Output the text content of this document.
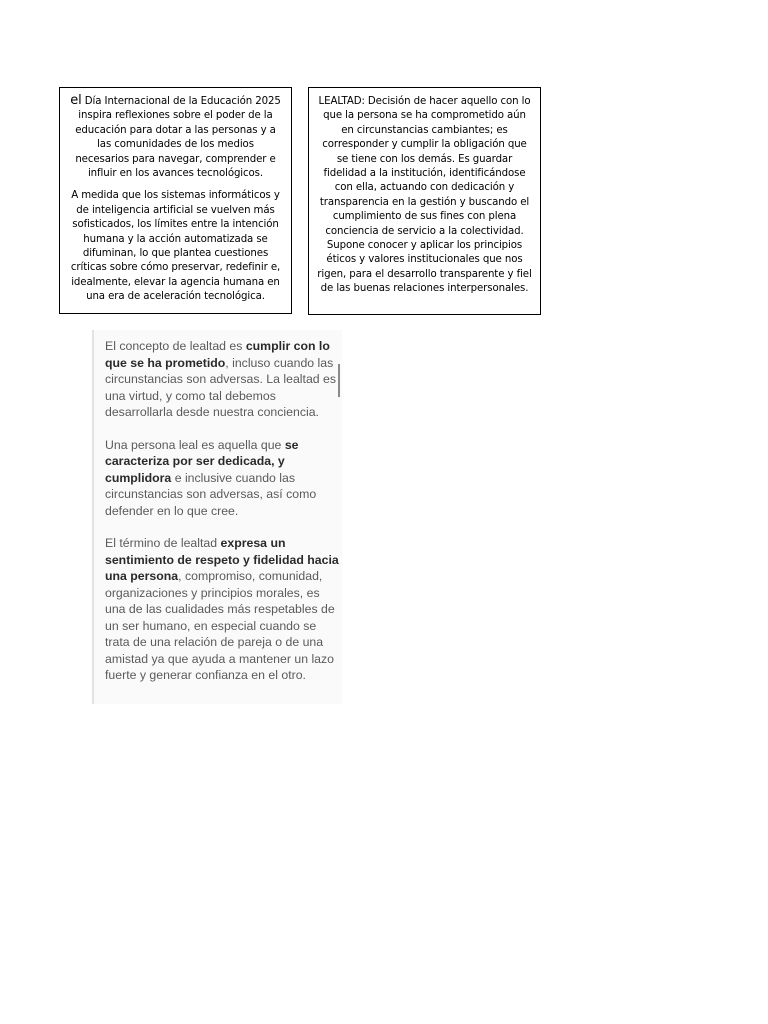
el Día Internacional de la Educación 2025 inspira reflexiones sobre el poder de la educación para dotar a las personas y a las comunidades de los medios necesarios para navegar, comprender e influir en los avances tecnológicos.

A medida que los sistemas informáticos y de inteligencia artificial se vuelven más sofisticados, los límites entre la intención humana y la acción automatizada se difuminan, lo que plantea cuestiones críticas sobre cómo preservar, redefinir e, idealmente, elevar la agencia humana en una era de aceleración tecnológica.

LEALTAD: Decisión de hacer aquello con lo que la persona se ha comprometido aún en circunstancias cambiantes; es corresponder y cumplir la obligación que se tiene con los demás. Es guardar fidelidad a la institución, identificándose con ella, actuando con dedicación y transparencia en la gestión y buscando el cumplimiento de sus fines con plena conciencia de servicio a la colectividad. Supone conocer y aplicar los principios éticos y valores institucionales que nos rigen, para el desarrollo transparente y fiel de las buenas relaciones interpersonales.

El concepto de lealtad es cumplir con lo que se ha prometido, incluso cuando las circunstancias son adversas. La lealtad es una virtud, y como tal debemos desarrollarla desde nuestra conciencia.

Una persona leal es aquella que se caracteriza por ser dedicada, y cumplidora e inclusive cuando las circunstancias son adversas, así como defender en lo que cree.

El término de lealtad expresa un sentimiento de respeto y fidelidad hacia una persona, compromiso, comunidad, organizaciones y principios morales, es una de las cualidades más respetables de un ser humano, en especial cuando se trata de una relación de pareja o de una amistad ya que ayuda a mantener un lazo fuerte y generar confianza en el otro.
